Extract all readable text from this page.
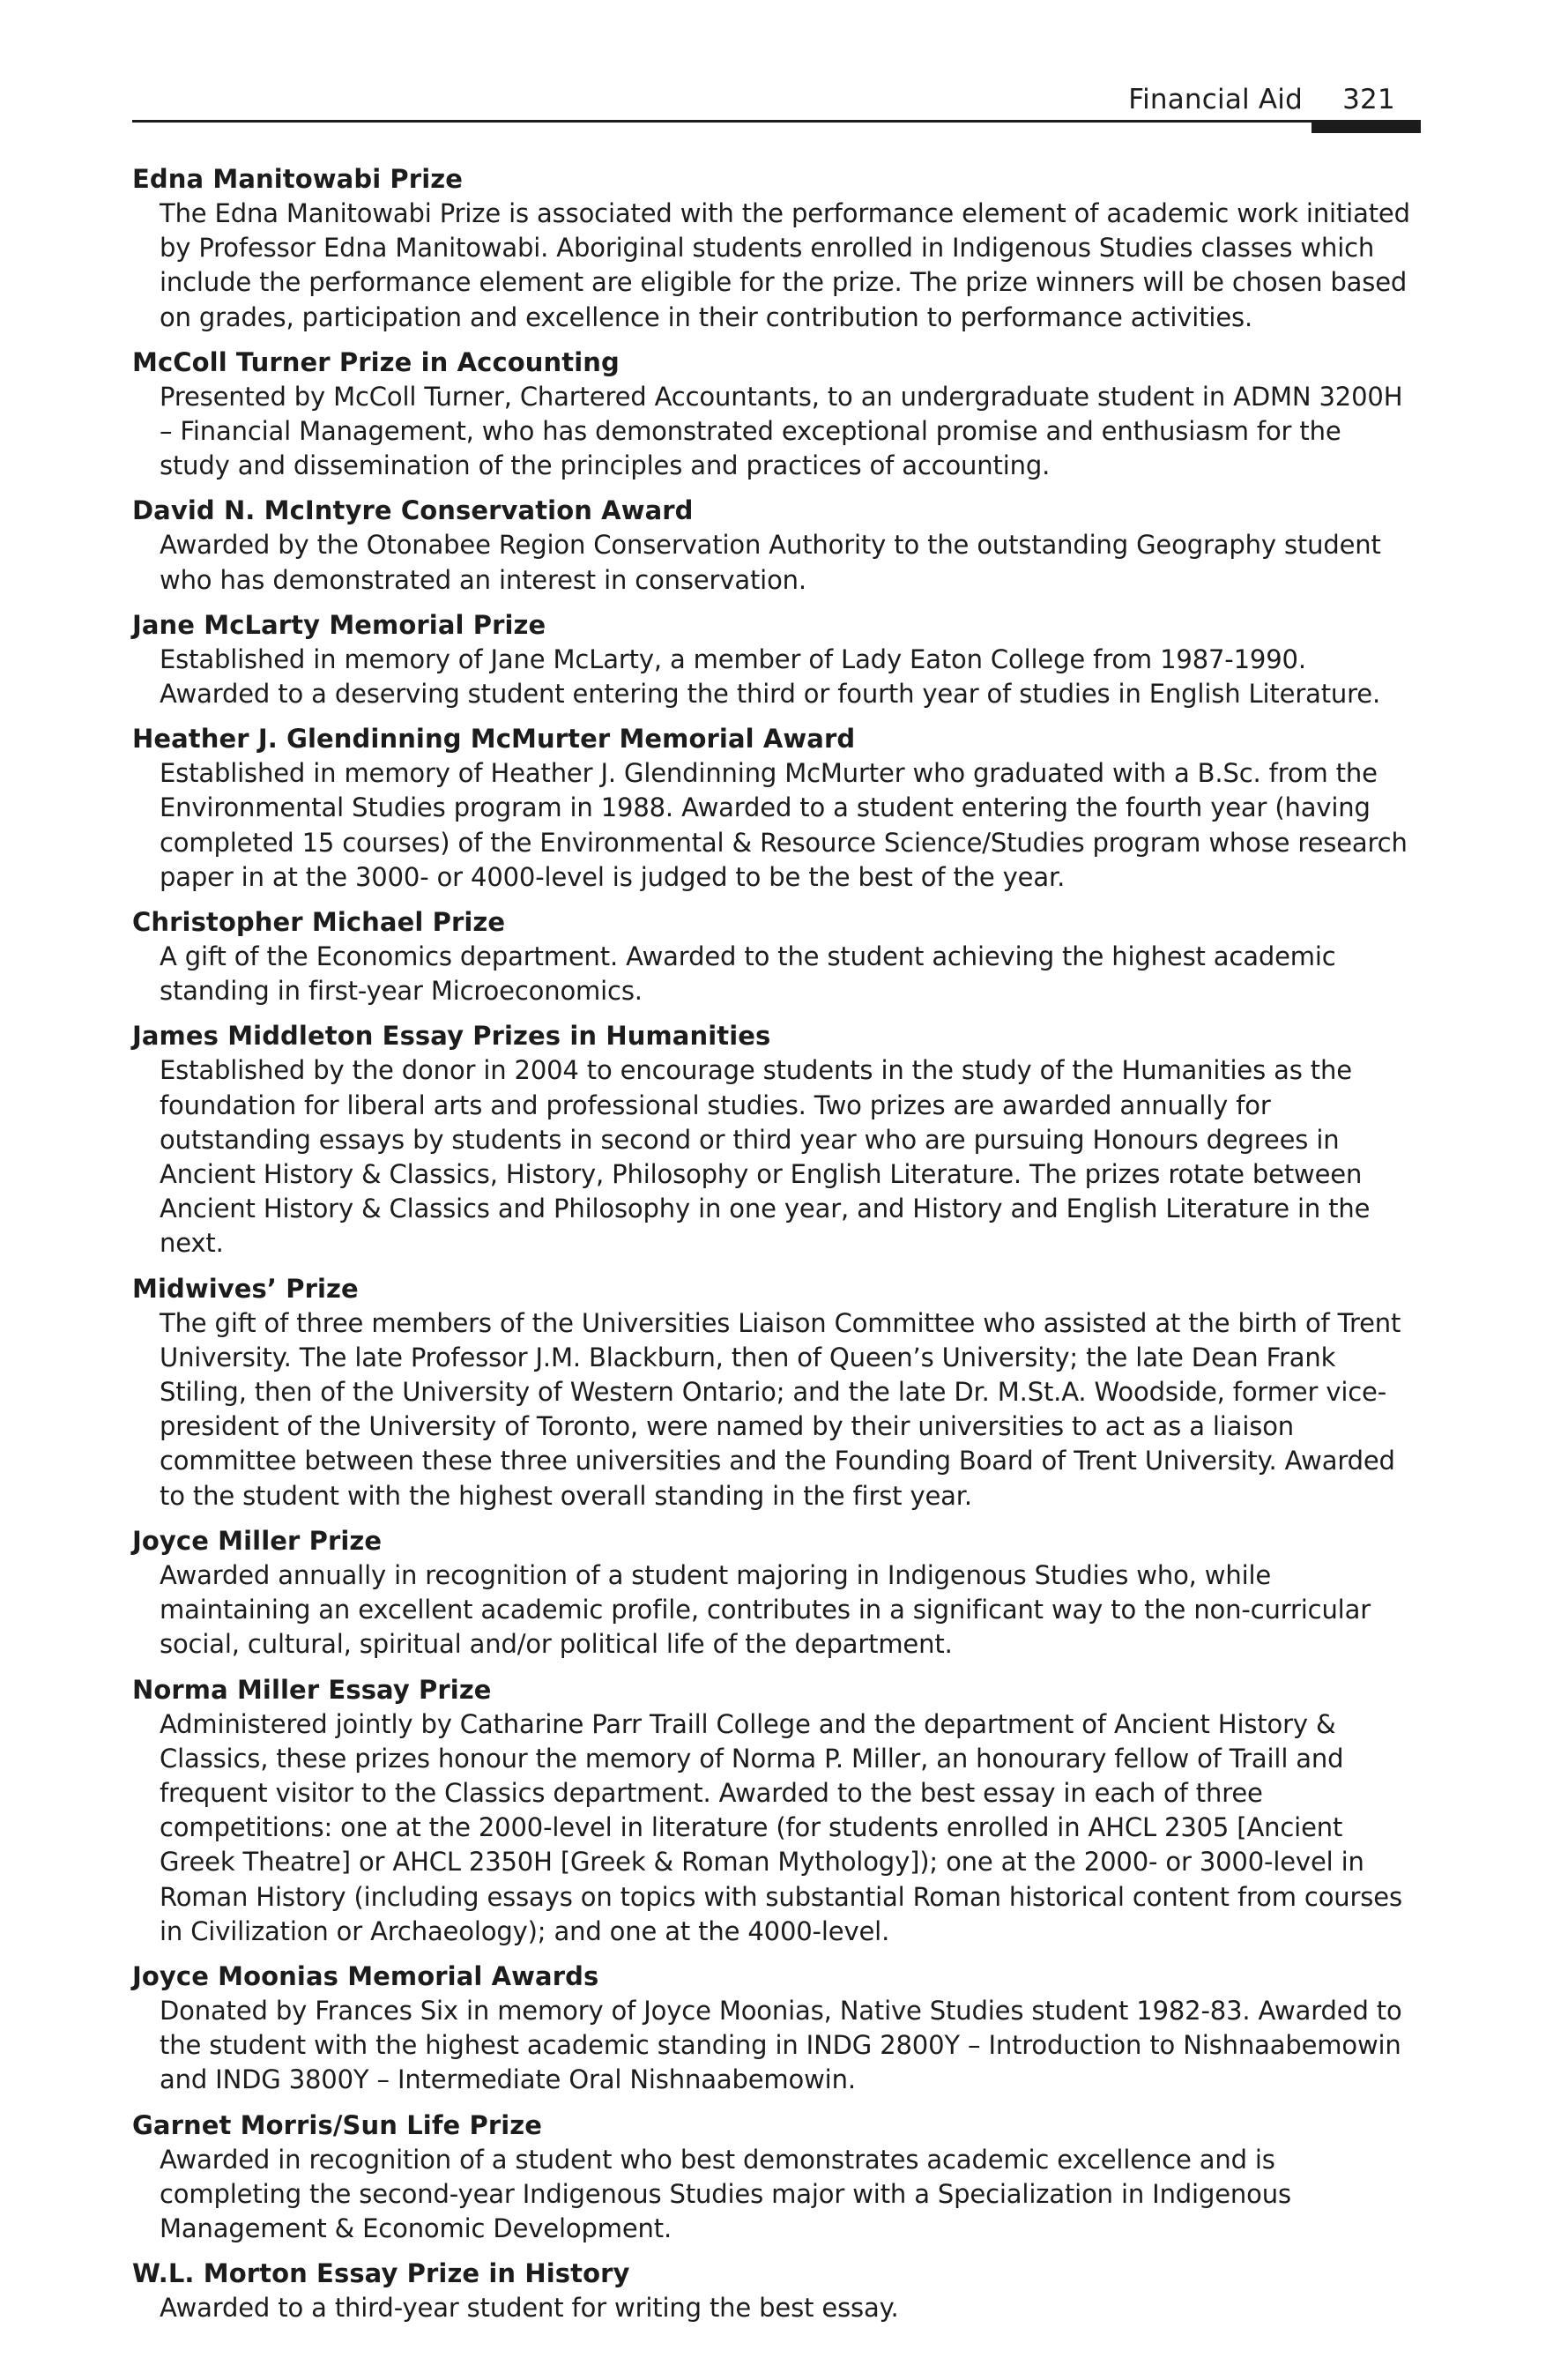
Financial Aid 321
Edna Manitowabi Prize
The Edna Manitowabi Prize is associated with the performance element of academic work initiated by Professor Edna Manitowabi. Aboriginal students enrolled in Indigenous Studies classes which include the performance element are eligible for the prize. The prize winners will be chosen based on grades, participation and excellence in their contribution to performance activities.
McColl Turner Prize in Accounting
Presented by McColl Turner, Chartered Accountants, to an undergraduate student in ADMN 3200H – Financial Management, who has demonstrated exceptional promise and enthusiasm for the study and dissemination of the principles and practices of accounting.
David N. McIntyre Conservation Award
Awarded by the Otonabee Region Conservation Authority to the outstanding Geography student who has demonstrated an interest in conservation.
Jane McLarty Memorial Prize
Established in memory of Jane McLarty, a member of Lady Eaton College from 1987-1990. Awarded to a deserving student entering the third or fourth year of studies in English Literature.
Heather J. Glendinning McMurter Memorial Award
Established in memory of Heather J. Glendinning McMurter who graduated with a B.Sc. from the Environmental Studies program in 1988. Awarded to a student entering the fourth year (having completed 15 courses) of the Environmental & Resource Science/Studies program whose research paper in at the 3000- or 4000-level is judged to be the best of the year.
Christopher Michael Prize
A gift of the Economics department. Awarded to the student achieving the highest academic standing in first-year Microeconomics.
James Middleton Essay Prizes in Humanities
Established by the donor in 2004 to encourage students in the study of the Humanities as the foundation for liberal arts and professional studies. Two prizes are awarded annually for outstanding essays by students in second or third year who are pursuing Honours degrees in Ancient History & Classics, History, Philosophy or English Literature. The prizes rotate between Ancient History & Classics and Philosophy in one year, and History and English Literature in the next.
Midwives’ Prize
The gift of three members of the Universities Liaison Committee who assisted at the birth of Trent University. The late Professor J.M. Blackburn, then of Queen’s University; the late Dean Frank Stiling, then of the University of Western Ontario; and the late Dr. M.St.A. Woodside, former vice-president of the University of Toronto, were named by their universities to act as a liaison committee between these three universities and the Founding Board of Trent University. Awarded to the student with the highest overall standing in the first year.
Joyce Miller Prize
Awarded annually in recognition of a student majoring in Indigenous Studies who, while maintaining an excellent academic profile, contributes in a significant way to the non-curricular social, cultural, spiritual and/or political life of the department.
Norma Miller Essay Prize
Administered jointly by Catharine Parr Traill College and the department of Ancient History & Classics, these prizes honour the memory of Norma P. Miller, an honourary fellow of Traill and frequent visitor to the Classics department. Awarded to the best essay in each of three competitions: one at the 2000-level in literature (for students enrolled in AHCL 2305 [Ancient Greek Theatre] or AHCL 2350H [Greek & Roman Mythology]); one at the 2000- or 3000-level in Roman History (including essays on topics with substantial Roman historical content from courses in Civilization or Archaeology); and one at the 4000-level.
Joyce Moonias Memorial Awards
Donated by Frances Six in memory of Joyce Moonias, Native Studies student 1982-83. Awarded to the student with the highest academic standing in INDG 2800Y – Introduction to Nishnaabemowin and INDG 3800Y – Intermediate Oral Nishnaabemowin.
Garnet Morris/Sun Life Prize
Awarded in recognition of a student who best demonstrates academic excellence and is completing the second-year Indigenous Studies major with a Specialization in Indigenous Management & Economic Development.
W.L. Morton Essay Prize in History
Awarded to a third-year student for writing the best essay.
